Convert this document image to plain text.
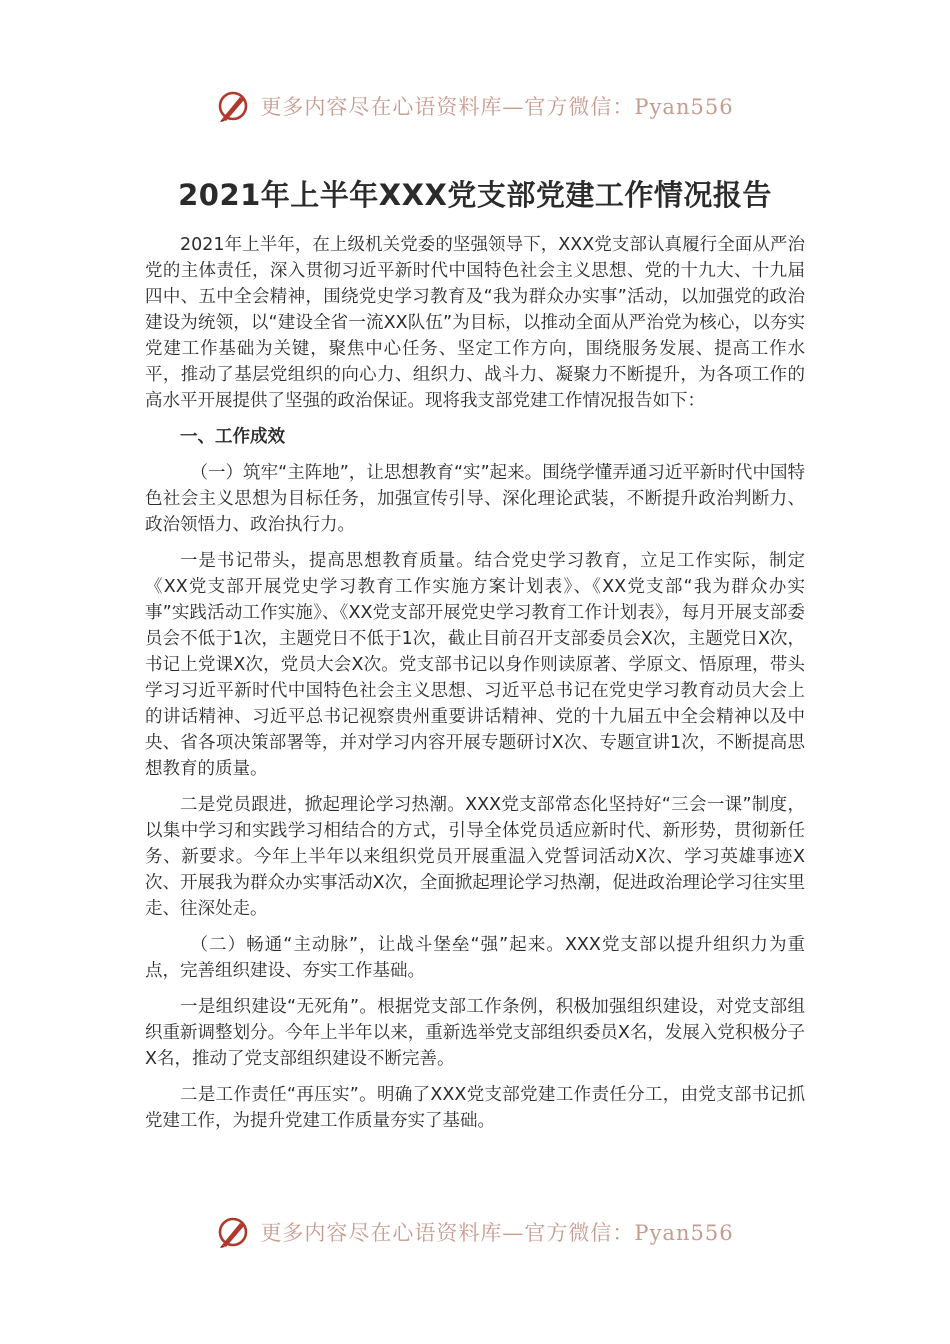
更多内容尽在心语资料库—官方微信：Pyan556
2021年上半年XXX党支部党建工作情况报告

2021年上半年，在上级机关党委的坚强领导下，XXX党支部认真履行全面从严治党的主体责任，深入贯彻习近平新时代中国特色社会主义思想、党的十九大、十九届四中、五中全会精神，围绕党史学习教育及“我为群众办实事”活动，以加强党的政治建设为统领，以“建设全省一流XX队伍”为目标，以推动全面从严治党为核心，以夯实党建工作基础为关键，聚焦中心任务、坚定工作方向，围绕服务发展、提高工作水平，推动了基层党组织的向心力、组织力、战斗力、凝聚力不断提升，为各项工作的高水平开展提供了坚强的政治保证。现将我支部党建工作情况报告如下：

一、工作成效

（一）筑牢“主阵地”，让思想教育“实”起来。围绕学懂弄通习近平新时代中国特色社会主义思想为目标任务，加强宣传引导、深化理论武装，不断提升政治判断力、政治领悟力、政治执行力。

一是书记带头，提高思想教育质量。结合党史学习教育，立足工作实际，制定《XX党支部开展党史学习教育工作实施方案计划表》、《XX党支部“我为群众办实事”实践活动工作实施》、《XX党支部开展党史学习教育工作计划表》，每月开展支部委员会不低于1次，主题党日不低于1次，截止目前召开支部委员会X次，主题党日X次，书记上党课X次，党员大会X次。党支部书记以身作则读原著、学原文、悟原理，带头学习习近平新时代中国特色社会主义思想、习近平总书记在党史学习教育动员大会上的讲话精神、习近平总书记视察贵州重要讲话精神、党的十九届五中全会精神以及中央、省各项决策部署等，并对学习内容开展专题研讨X次、专题宣讲1次，不断提高思想教育的质量。

二是党员跟进，掀起理论学习热潮。XXX党支部常态化坚持好“三会一课”制度，以集中学习和实践学习相结合的方式，引导全体党员适应新时代、新形势，贯彻新任务、新要求。今年上半年以来组织党员开展重温入党誓词活动X次、学习英雄事迹X次、开展我为群众办实事活动X次，全面掀起理论学习热潮，促进政治理论学习往实里走、往深处走。

（二）畅通“主动脉”，让战斗堡垒“强”起来。XXX党支部以提升组织力为重点，完善组织建设、夯实工作基础。

一是组织建设“无死角”。根据党支部工作条例，积极加强组织建设，对党支部组织重新调整划分。今年上半年以来，重新选举党支部组织委员X名，发展入党积极分子X名，推动了党支部组织建设不断完善。

二是工作责任“再压实”。明确了XXX党支部党建工作责任分工，由党支部书记抓党建工作，为提升党建工作质量夯实了基础。

更多内容尽在心语资料库—官方微信：Pyan556
